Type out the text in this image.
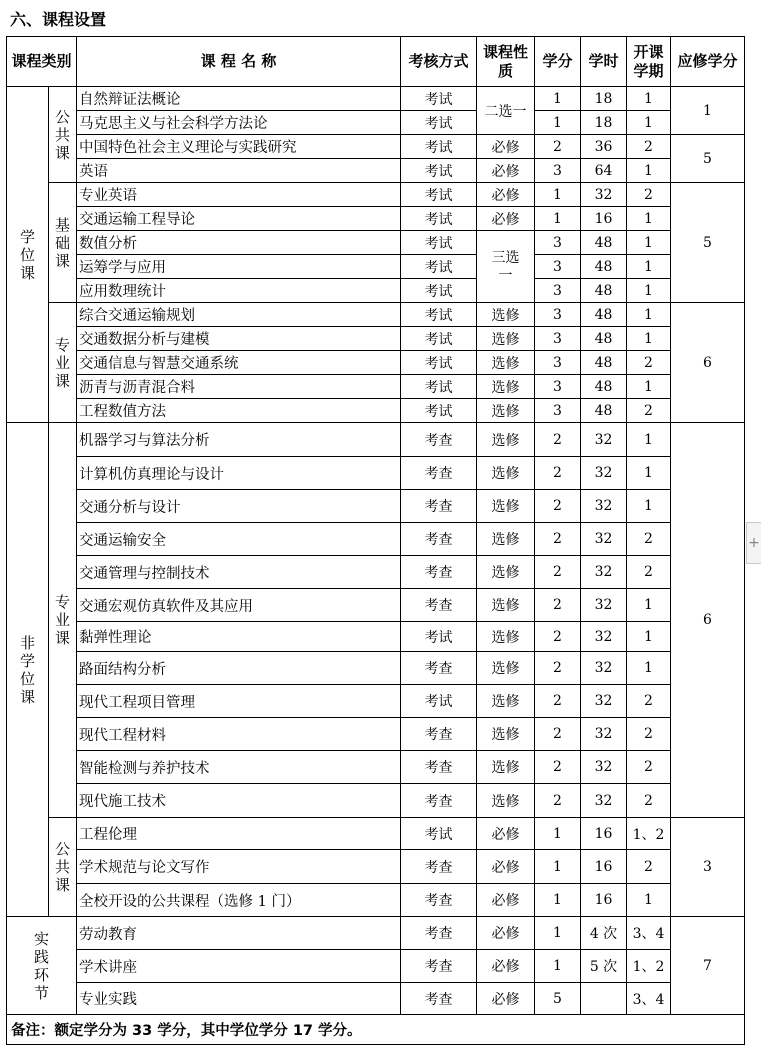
六、课程设置
课程类别		课 程 名 称	考核方式	课程性质	学分	学时	开课学期	应修学分
学位课	公共课	自然辩证法概论	考试	二选一	1	18	1	1
		马克思主义与社会科学方法论	考试		1	18	1	
		中国特色社会主义理论与实践研究	考试	必修	2	36	2	5
		英语	考试	必修	3	64	1	
	基础课	专业英语	考试	必修	1	32	2	5
		交通运输工程导论	考试	必修	1	16	1	
		数值分析	考试	三选一	3	48	1	
		运筹学与应用	考试		3	48	1	
		应用数理统计	考试		3	48	1	
	专业课	综合交通运输规划	考试	选修	3	48	1	6
		交通数据分析与建模	考试	选修	3	48	1	
		交通信息与智慧交通系统	考试	选修	3	48	2	
		沥青与沥青混合料	考试	选修	3	48	1	
		工程数值方法	考试	选修	3	48	2	
非学位课	专业课	机器学习与算法分析	考查	选修	2	32	1	6
		计算机仿真理论与设计	考查	选修	2	32	1	
		交通分析与设计	考查	选修	2	32	1	
		交通运输安全	考查	选修	2	32	2	
		交通管理与控制技术	考查	选修	2	32	2	
		交通宏观仿真软件及其应用	考查	选修	2	32	1	
		黏弹性理论	考试	选修	2	32	1	
		路面结构分析	考查	选修	2	32	1	
		现代工程项目管理	考试	选修	2	32	2	
		现代工程材料	考查	选修	2	32	2	
		智能检测与养护技术	考查	选修	2	32	2	
		现代施工技术	考查	选修	2	32	2	
	公共课	工程伦理	考试	必修	1	16	1、2	3
		学术规范与论文写作	考查	必修	1	16	2	
		全校开设的公共课程（选修 1 门）	考查	必修	1	16	1	
实践环节		劳动教育	考查	必修	1	4 次	3、4	7
		学术讲座	考查	必修	1	5 次	1、2	
		专业实践	考查	必修	5		3、4	
备注：额定学分为 33 学分，其中学位学分 17 学分。								
+
